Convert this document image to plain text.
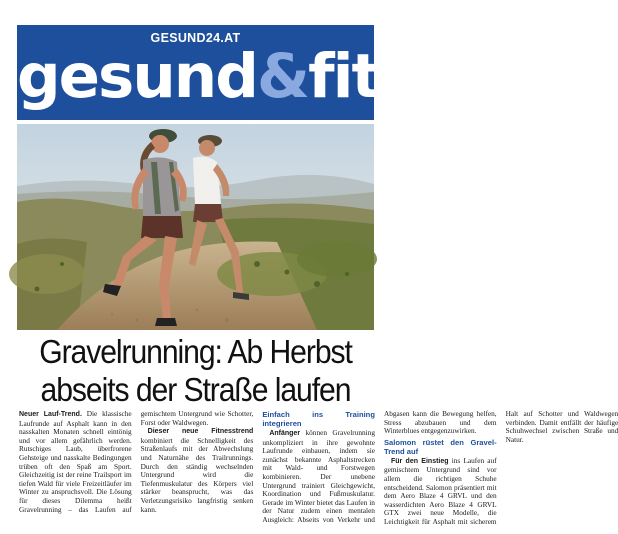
GESUND24.AT
gesund&fit
Gravelrunning: Ab Herbst
abseits der Straße laufen

Neuer Lauf-Trend. Die klassische Laufrunde auf Asphalt kann in den nasskalten Monaten schnell eintönig und vor allem gefährlich werden. Rutschiges Laub, überfrorene Gehsteige und nasskalte Bedingungen trüben oft den Spaß am Sport. Gleichzeitig ist der reine Trailsport im tiefen Wald für viele Freizeitläufer im Winter zu anspruchsvoll. Die Lösung für dieses Dilemma heißt Gravelrunning – das Laufen auf gemischtem Untergrund wie Schotter, Forst oder Waldwegen.

Dieser neue Fitnesstrend kombiniert die Schnelligkeit des Straßenlaufs mit der Abwechslung und Naturnähe des Trailrunnings. Durch den ständig wechselnden Untergrund wird die Tiefenmuskulatur des Körpers viel stärker beansprucht, was das Verletzungsrisiko langfristig senken kann.

Einfach ins Training integrieren

Anfänger können Gravelrunning unkompliziert in ihre gewohnte Laufrunde einbauen, indem sie zunächst bekannte Asphaltstrecken mit Wald- und Forstwegen kombinieren. Der unebene Untergrund trainiert Gleichgewicht, Koordination und Fußmuskulatur. Gerade im Winter bietet das Laufen in der Natur zudem einen mentalen Ausgleich: Abseits von Verkehr und Abgasen kann die Bewegung helfen, Stress abzubauen und dem Winterblues entgegenzuwirken.

Salomon rüstet den Gravel-Trend auf

Für den Einstieg ins Laufen auf gemischtem Untergrund sind vor allem die richtigen Schuhe entscheidend. Salomon präsentiert mit dem Aero Blaze 4 GRVL und den wasserdichten Aero Blaze 4 GRVL GTX zwei neue Modelle, die Leichtigkeit für Asphalt mit sicherem Halt auf Schotter und Waldwegen verbinden. Damit entfällt der häufige Schuhwechsel zwischen Straße und Natur.
